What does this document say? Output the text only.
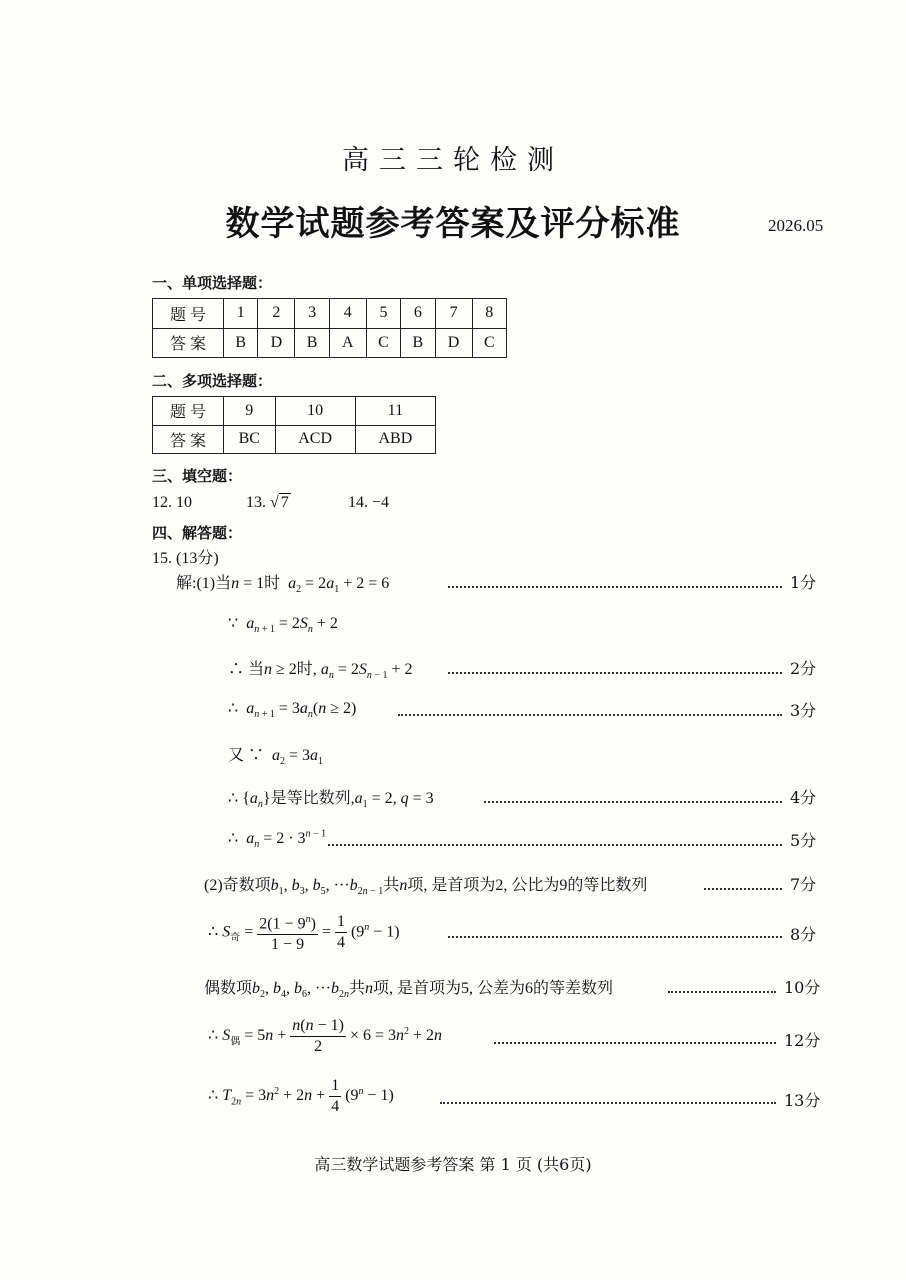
高三三轮检测
数学试题参考答案及评分标准	2026.05
一、单项选择题：
题 号	1	2	3	4	5	6	7	8
答 案	B	D	B	A	C	B	D	C
二、多项选择题：
题 号	9	10	11
答 案	BC	ACD	ABD
三、填空题：
12. 10	13. √ 7	14. −4
四、解答题：
15. (13分)
解:(1)当n = 1时 $a_2 = 2a_1 + 2 = 6$	1分
∵  $a_{n + 1} = 2S_n + 2$
∴ 当n ≥ 2时, $a_n = 2S_{n - 1} + 2$	2分
∴  $a_{n + 1} = 3a_n(n \ge 2)$	3分
又 ∵ $a_2 = 3a_1$
∴ $\{a_n\}$是等比数列$,a_1 = 2$, q = 3	4分
∴  $a_n = 2 \cdot 3^{n - 1}$	5分
(2)奇数项$b_1$, $b_3$, $b_5$, $\cdot\cdot\cdot b_{2n - 1}$共n项, 是首项为2, 公比为9的等比数列	7分
∴ $S_奇 = \frac{2(1 - 9^n)}{1 - 9} = \frac{1}{4} (9^n - 1)$	8分
偶数项$b_2$, $b_4$, $b_6$, $\cdot\cdot\cdot b_{2n}$共n项, 是首项为5, 公差为6的等差数列	10分
∴ $S_偶 = 5n + \frac{n(n - 1)}{2} \times 6 = 3n^2 + 2n$	12分
∴ $T_{2n} = 3n^2 + 2n + \frac{1}{4} (9^n - 1)$	13分
高三数学试题参考答案 第 1 页 (共6页)
